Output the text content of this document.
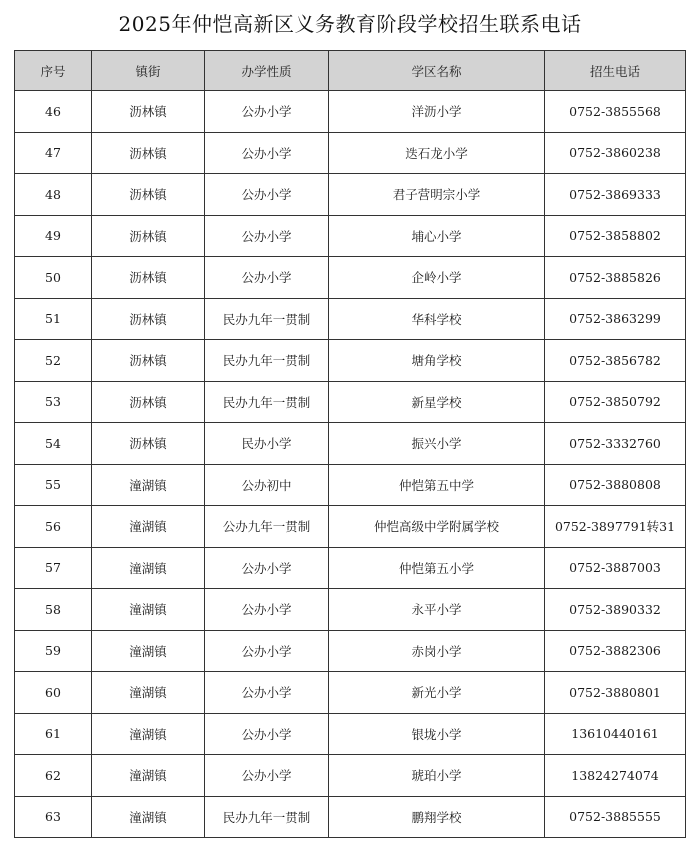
2025年仲恺高新区义务教育阶段学校招生联系电话
序号	镇街	办学性质	学区名称	招生电话
46	沥林镇	公办小学	洋沥小学	0752-3855568
47	沥林镇	公办小学	迭石龙小学	0752-3860238
48	沥林镇	公办小学	君子营明宗小学	0752-3869333
49	沥林镇	公办小学	埔心小学	0752-3858802
50	沥林镇	公办小学	企岭小学	0752-3885826
51	沥林镇	民办九年一贯制	华科学校	0752-3863299
52	沥林镇	民办九年一贯制	塘角学校	0752-3856782
53	沥林镇	民办九年一贯制	新星学校	0752-3850792
54	沥林镇	民办小学	振兴小学	0752-3332760
55	潼湖镇	公办初中	仲恺第五中学	0752-3880808
56	潼湖镇	公办九年一贯制	仲恺高级中学附属学校	0752-3897791转31
57	潼湖镇	公办小学	仲恺第五小学	0752-3887003
58	潼湖镇	公办小学	永平小学	0752-3890332
59	潼湖镇	公办小学	赤岗小学	0752-3882306
60	潼湖镇	公办小学	新光小学	0752-3880801
61	潼湖镇	公办小学	银垅小学	13610440161
62	潼湖镇	公办小学	琥珀小学	13824274074
63	潼湖镇	民办九年一贯制	鹏翔学校	0752-3885555
